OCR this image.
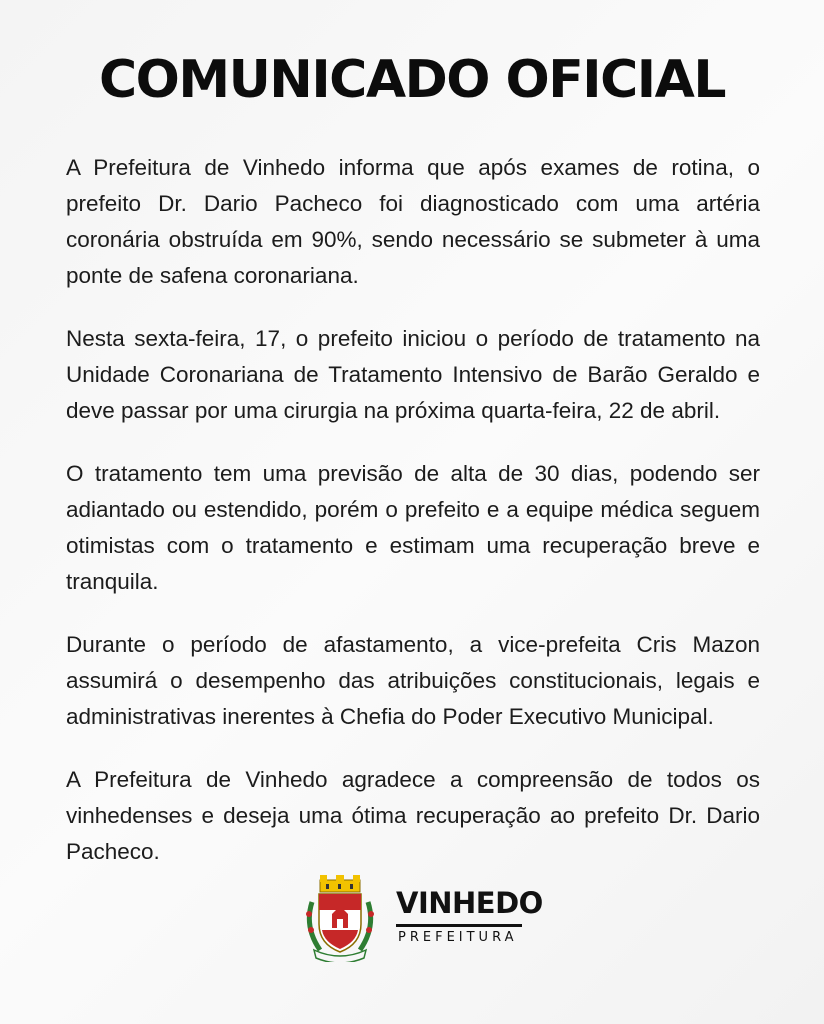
COMUNICADO OFICIAL

A Prefeitura de Vinhedo informa que após exames de rotina, o prefeito Dr. Dario Pacheco foi diagnosticado com uma artéria coronária obstruída em 90%, sendo necessário se submeter à uma ponte de safena coronariana.

Nesta sexta-feira, 17, o prefeito iniciou o período de tratamento na Unidade Coronariana de Tratamento Intensivo de Barão Geraldo e deve passar por uma cirurgia na próxima quarta-feira, 22 de abril.

O tratamento tem uma previsão de alta de 30 dias, podendo ser adiantado ou estendido, porém o prefeito e a equipe médica seguem otimistas com o tratamento e estimam uma recuperação breve e tranquila.

Durante o período de afastamento, a vice-prefeita Cris Mazon assumirá o desempenho das atribuições constitucionais, legais e administrativas inerentes à Chefia do Poder Executivo Municipal.

A Prefeitura de Vinhedo agradece a compreensão de todos os vinhedenses e deseja uma ótima recuperação ao prefeito Dr. Dario Pacheco.

VINHEDO
PREFEITURA
